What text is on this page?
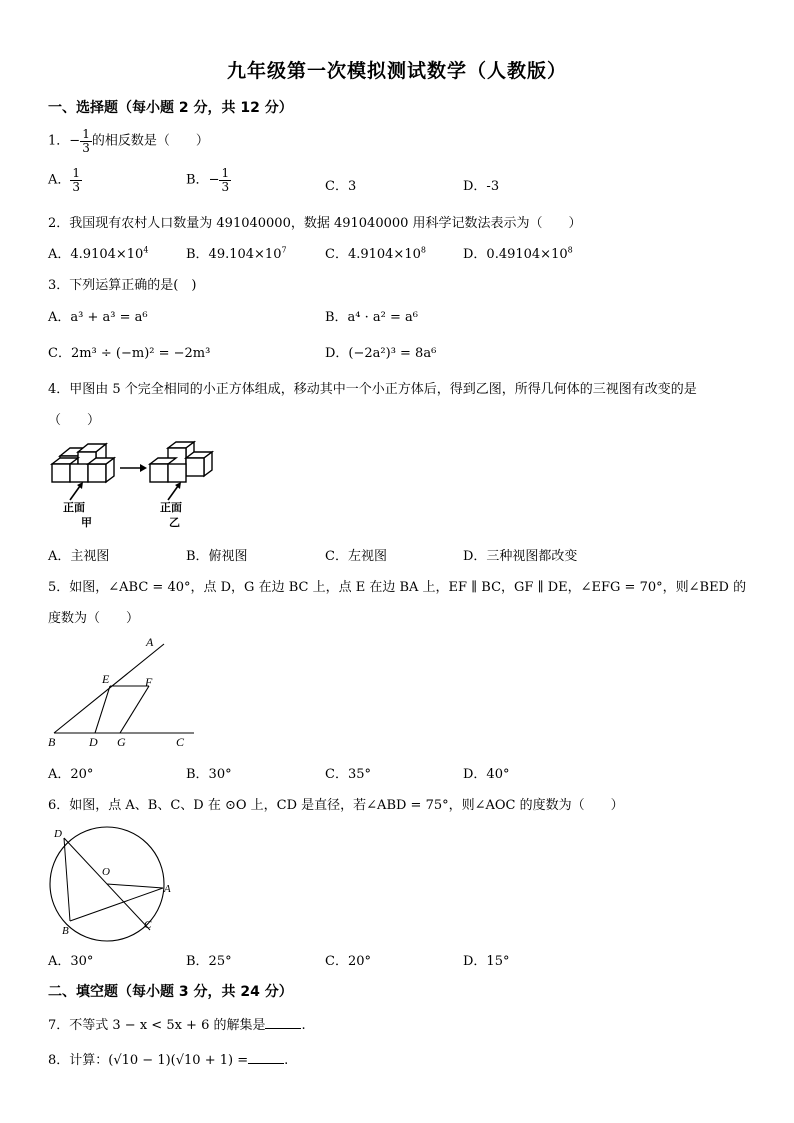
九年级第一次模拟测试数学（人教版）
一、选择题（每小题 2 分，共 12 分）
1．− $\frac{1}{3}$ 的相反数是（　　）
A． $\frac{1}{3}$	B．− $\frac{1}{3}$	C．3	D．-3
2．我国现有农村人口数量为 491040000，数据 491040000 用科学记数法表示为（　　）
A．$4.9104\times 10^4$	B．$49.104\times 10^7$	C．$4.9104\times 10^8$	D．$0.49104\times 10^8$
3．下列运算正确的是(　)
A．a³ + a³ = a⁶	B．a⁴ · a² = a⁶
C．2m³ ÷ (−m)² = −2m³	D．(−2a²)³ = 8a⁶
4．甲图由 5 个完全相同的小正方体组成，移动其中一个小正方体后，得到乙图，所得几何体的三视图有改变的是
（　　）
正面
甲
正面
乙
A．主视图	B．俯视图	C．左视图	D．三种视图都改变
5．如图，∠ABC = 40°，点 D，G 在边 BC 上，点 E 在边 BA 上，EF ∥ BC，GF ∥ DE，∠EFG = 70°，则∠BED 的
度数为（　　）
A
E	F
B	D G	C
A．20°	B．30°	C．35°	D．40°
6．如图，点 A、B、C、D 在 ⊙O 上，CD 是直径，若∠ABD = 75°，则∠AOC 的度数为（　　）
D
O
A
B	C
A．30°	B．25°	C．20°	D．15°
二、填空题（每小题 3 分，共 24 分）
7．不等式 3 − x < 5x + 6 的解集是	.
8．计算：(√10 − 1)(√10 + 1) =	.
